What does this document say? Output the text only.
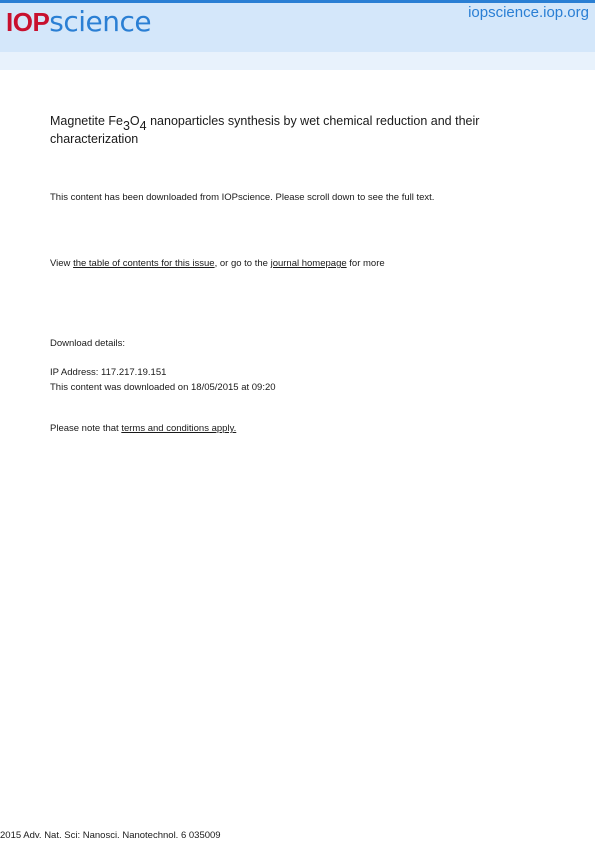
IOP science	iopscience.iop.org
Magnetite Fe3O4 nanoparticles synthesis by wet chemical reduction and their
characterization
This content has been downloaded from IOPscience. Please scroll down to see the full text.
View the table of contents for this issue, or go to the journal homepage for more
Download details:
IP Address: 117.217.19.151
This content was downloaded on 18/05/2015 at 09:20
Please note that terms and conditions apply.
2015 Adv. Nat. Sci: Nanosci. Nanotechnol. 6 035009
